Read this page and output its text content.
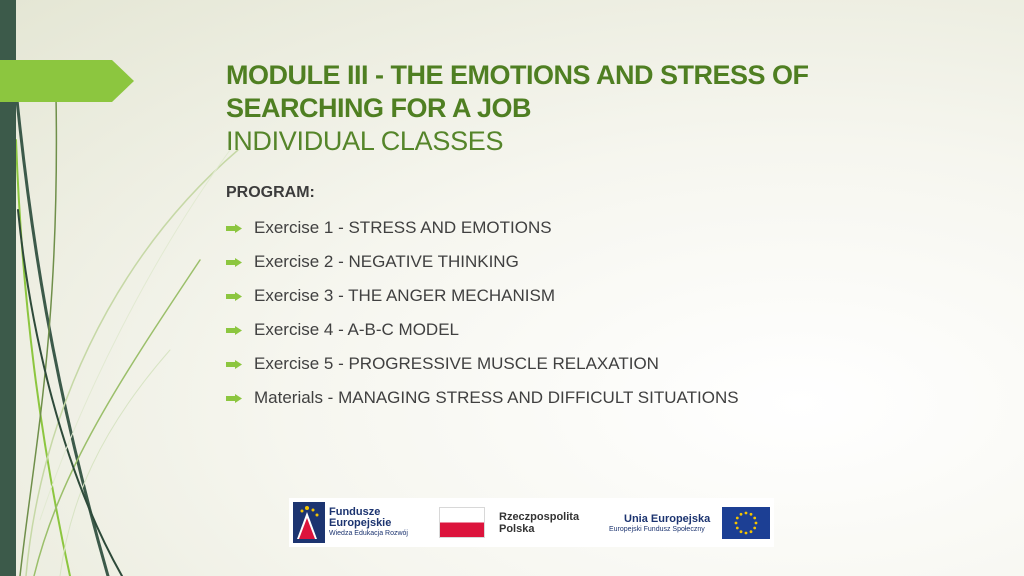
MODULE III - THE EMOTIONS AND STRESS OF

SEARCHING FOR A JOB

INDIVIDUAL CLASSES

PROGRAM:
Exercise 1 - STRESS AND EMOTIONS
Exercise 2 - NEGATIVE THINKING
Exercise 3 - THE ANGER MECHANISM
Exercise 4 - A-B-C MODEL
Exercise 5 - PROGRESSIVE MUSCLE RELAXATION
Materials - MANAGING STRESS AND DIFFICULT SITUATIONS
Fundusze
Europejskie
Wiedza Edukacja Rozwój
Rzeczpospolita
Polska
Unia Europejska
Europejski Fundusz Społeczny
